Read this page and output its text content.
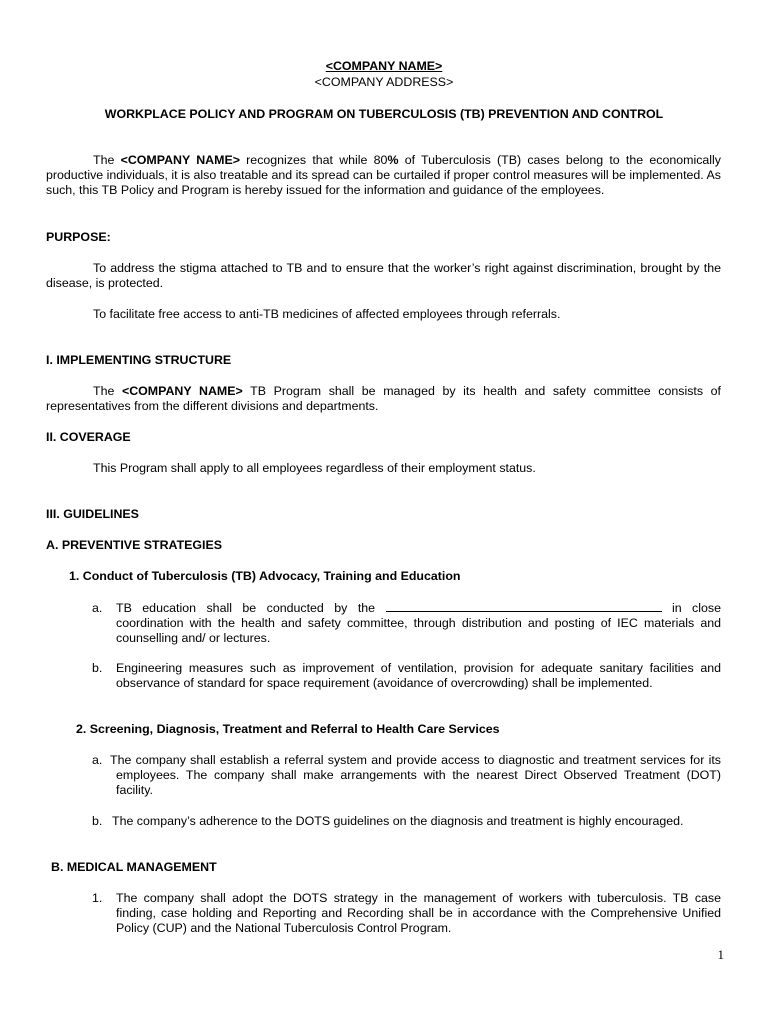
<COMPANY NAME>

<COMPANY ADDRESS>

WORKPLACE POLICY AND PROGRAM ON TUBERCULOSIS (TB) PREVENTION AND CONTROL

The <COMPANY NAME> recognizes that while 80% of Tuberculosis (TB) cases belong to the economically productive individuals, it is also treatable and its spread can be curtailed if proper control measures will be implemented. As such, this TB Policy and Program is hereby issued for the information and guidance of the employees.

PURPOSE:

To address the stigma attached to TB and to ensure that the worker’s right against discrimination, brought by the disease, is protected.

To facilitate free access to anti-TB medicines of affected employees through referrals.

I. IMPLEMENTING STRUCTURE

The <COMPANY NAME> TB Program shall be managed by its health and safety committee consists of representatives from the different divisions and departments.

II. COVERAGE

This Program shall apply to all employees regardless of their employment status.

III. GUIDELINES

A. PREVENTIVE STRATEGIES

1. Conduct of Tuberculosis (TB) Advocacy, Training and Education

a. TB education shall be conducted by the	in close coordination with the health and safety committee, through distribution and posting of IEC materials and counselling and/ or lectures.

b. Engineering measures such as improvement of ventilation, provision for adequate sanitary facilities and observance of standard for space requirement (avoidance of overcrowding) shall be implemented.

2. Screening, Diagnosis, Treatment and Referral to Health Care Services

a. The company shall establish a referral system and provide access to diagnostic and treatment services for its employees. The company shall make arrangements with the nearest Direct Observed Treatment (DOT) facility.

b. The company’s adherence to the DOTS guidelines on the diagnosis and treatment is highly encouraged.

B. MEDICAL MANAGEMENT

1. The company shall adopt the DOTS strategy in the management of workers with tuberculosis. TB case finding, case holding and Reporting and Recording shall be in accordance with the Comprehensive Unified Policy (CUP) and the National Tuberculosis Control Program.

1
